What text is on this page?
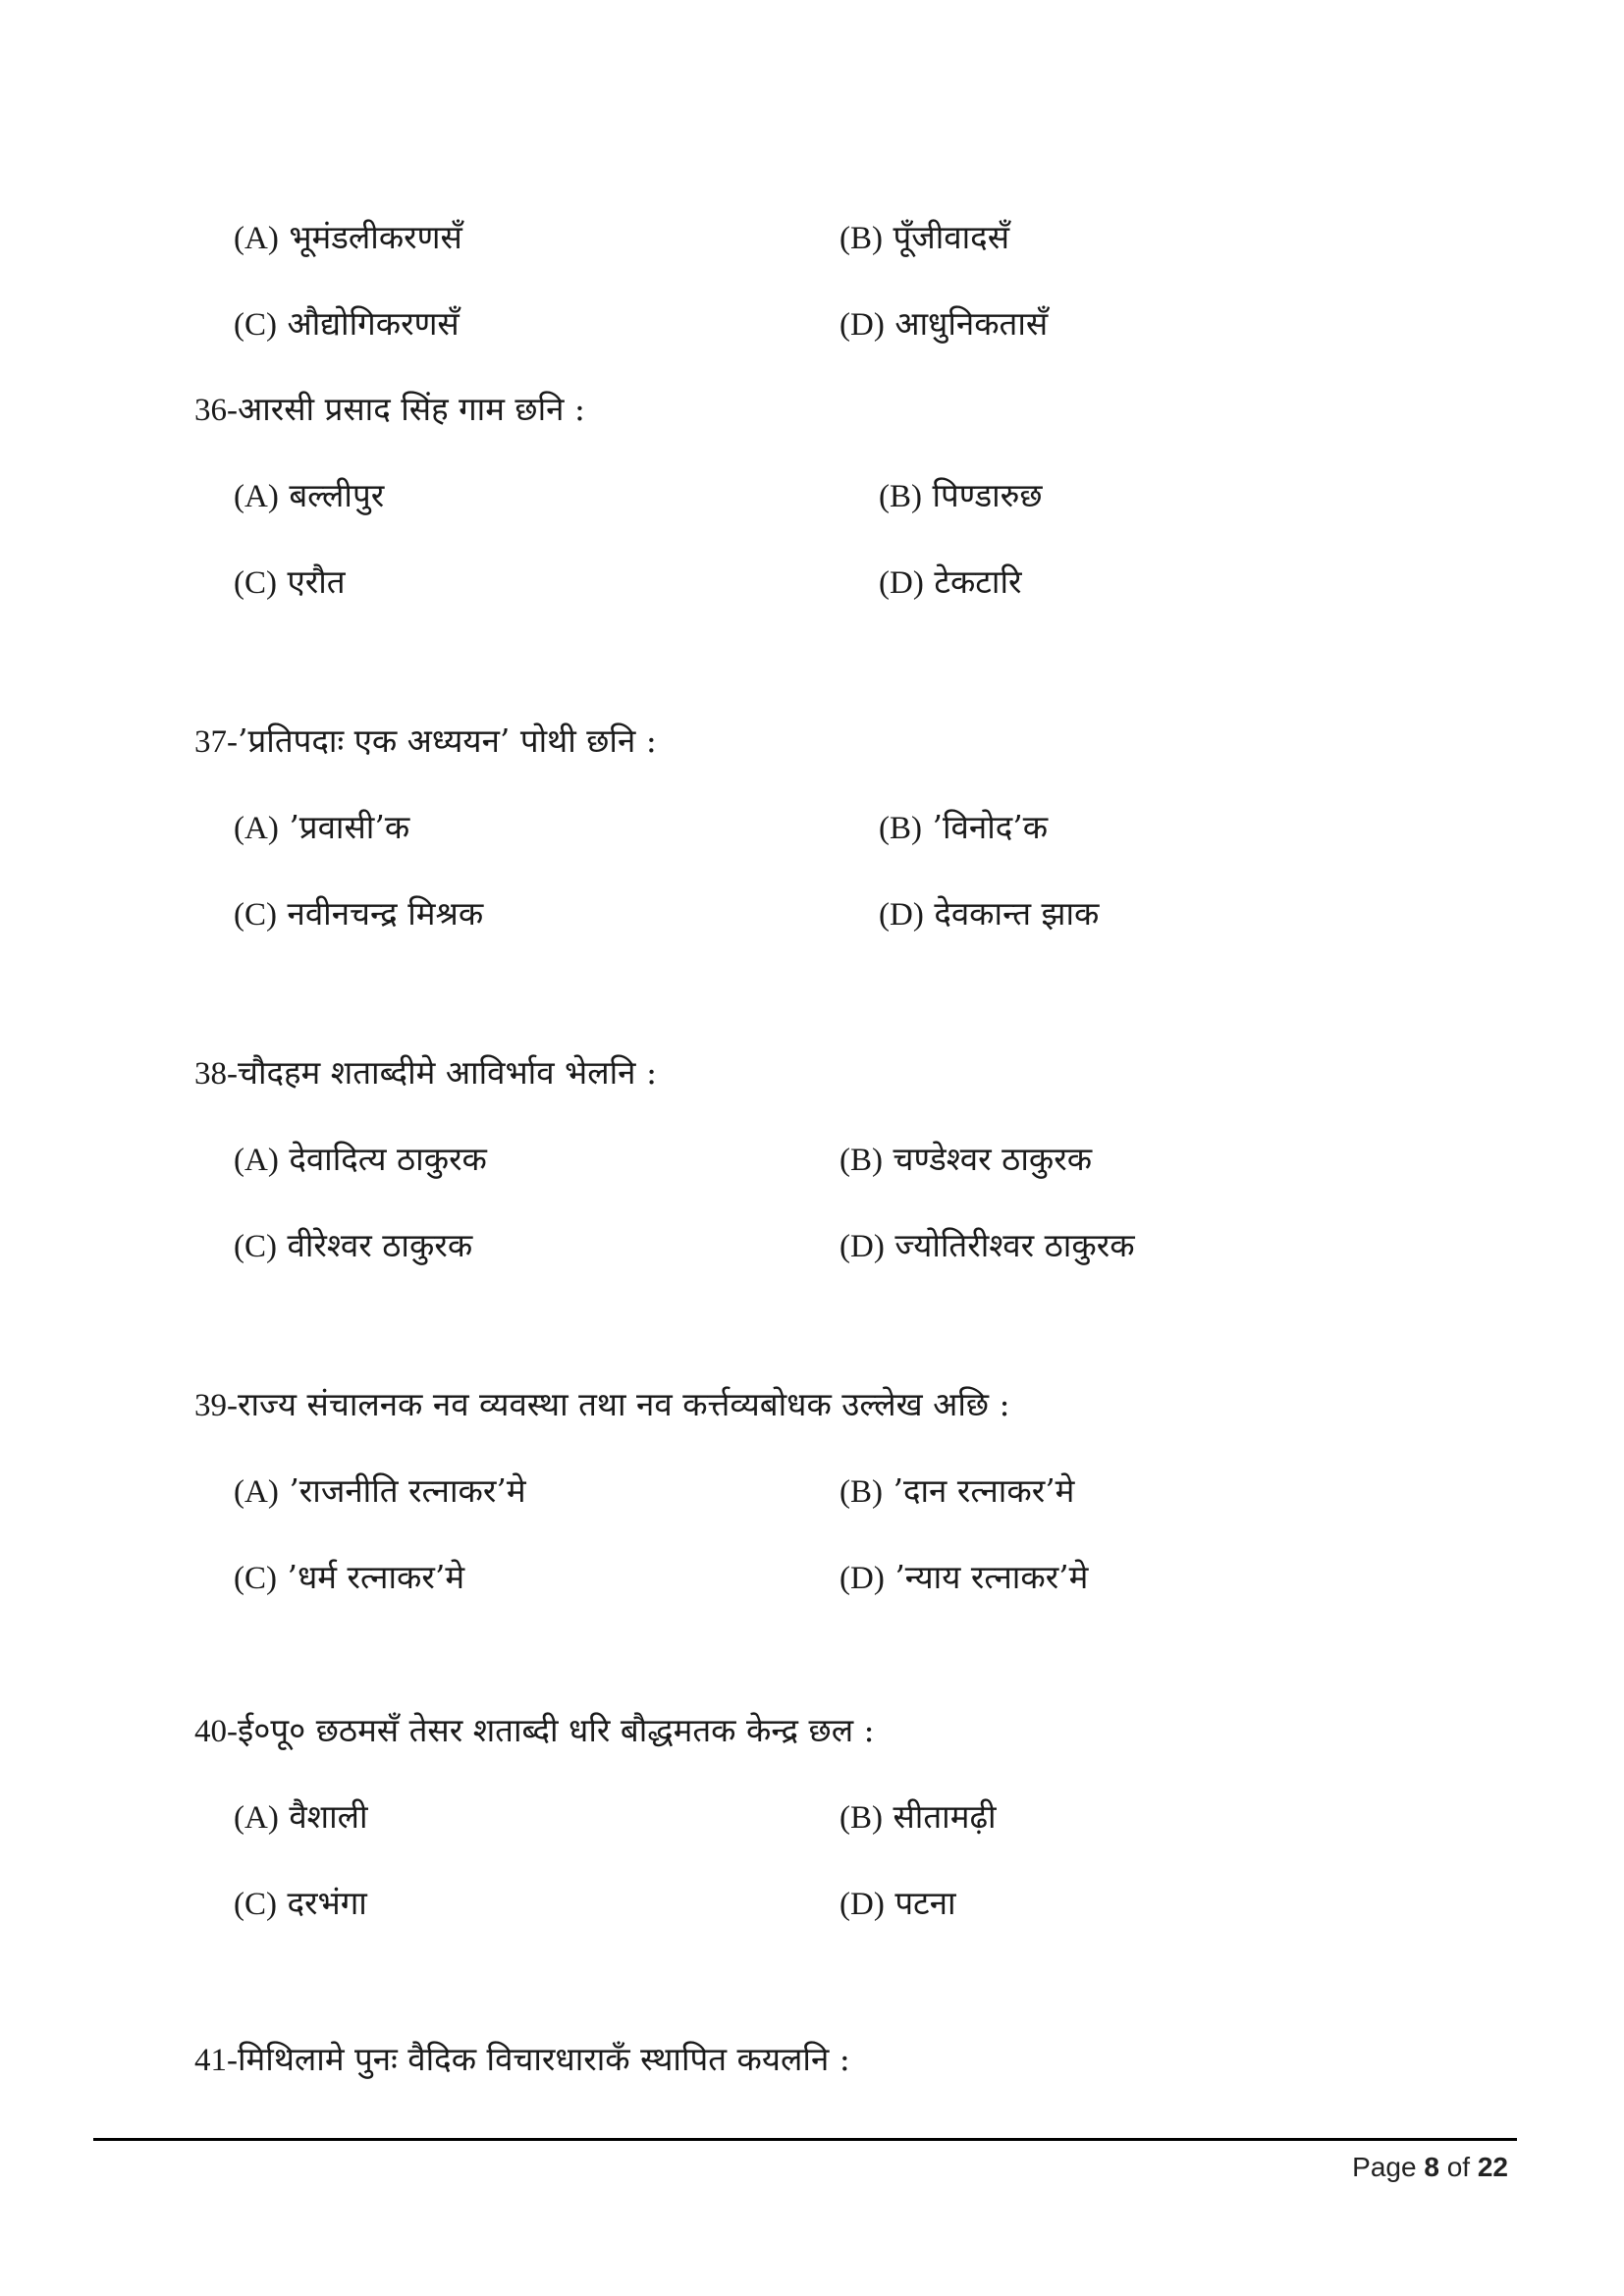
(A) भूमंडलीकरणसँ	(B) पूँजीवादसँ
(C) औद्योगिकरणसँ	(D) आधुनिकतासँ
36-आरसी प्रसाद सिंह गाम छनि :
(A) बल्लीपुर	(B) पिण्डारुछ
(C) एरौत	(D) टेकटारि
37-’प्रतिपदाः एक अध्ययन’ पोथी छनि :
(A) ’प्रवासी’क	(B) ’विनोद’क
(C) नवीनचन्द्र मिश्रक	(D) देवकान्त झाक
38-चौदहम शताब्दीमे आविर्भाव भेलनि :
(A) देवादित्य ठाकुरक	(B) चण्डेश्वर ठाकुरक
(C) वीरेश्वर ठाकुरक	(D) ज्योतिरीश्वर ठाकुरक
39-राज्य संचालनक नव व्यवस्था तथा नव कर्त्तव्यबोधक उल्लेख अछि :
(A) ’राजनीति रत्नाकर’मे	(B) ’दान रत्नाकर’मे
(C) ’धर्म रत्नाकर’मे	(D) ’न्याय रत्नाकर’मे
40-ई०पू० छठमसँ तेसर शताब्दी धरि बौद्धमतक केन्द्र छल :
(A) वैशाली	(B) सीतामढ़ी
(C) दरभंगा	(D) पटना
41-मिथिलामे पुनः वैदिक विचारधाराकँ स्थापित कयलनि :
Page 8 of 22
